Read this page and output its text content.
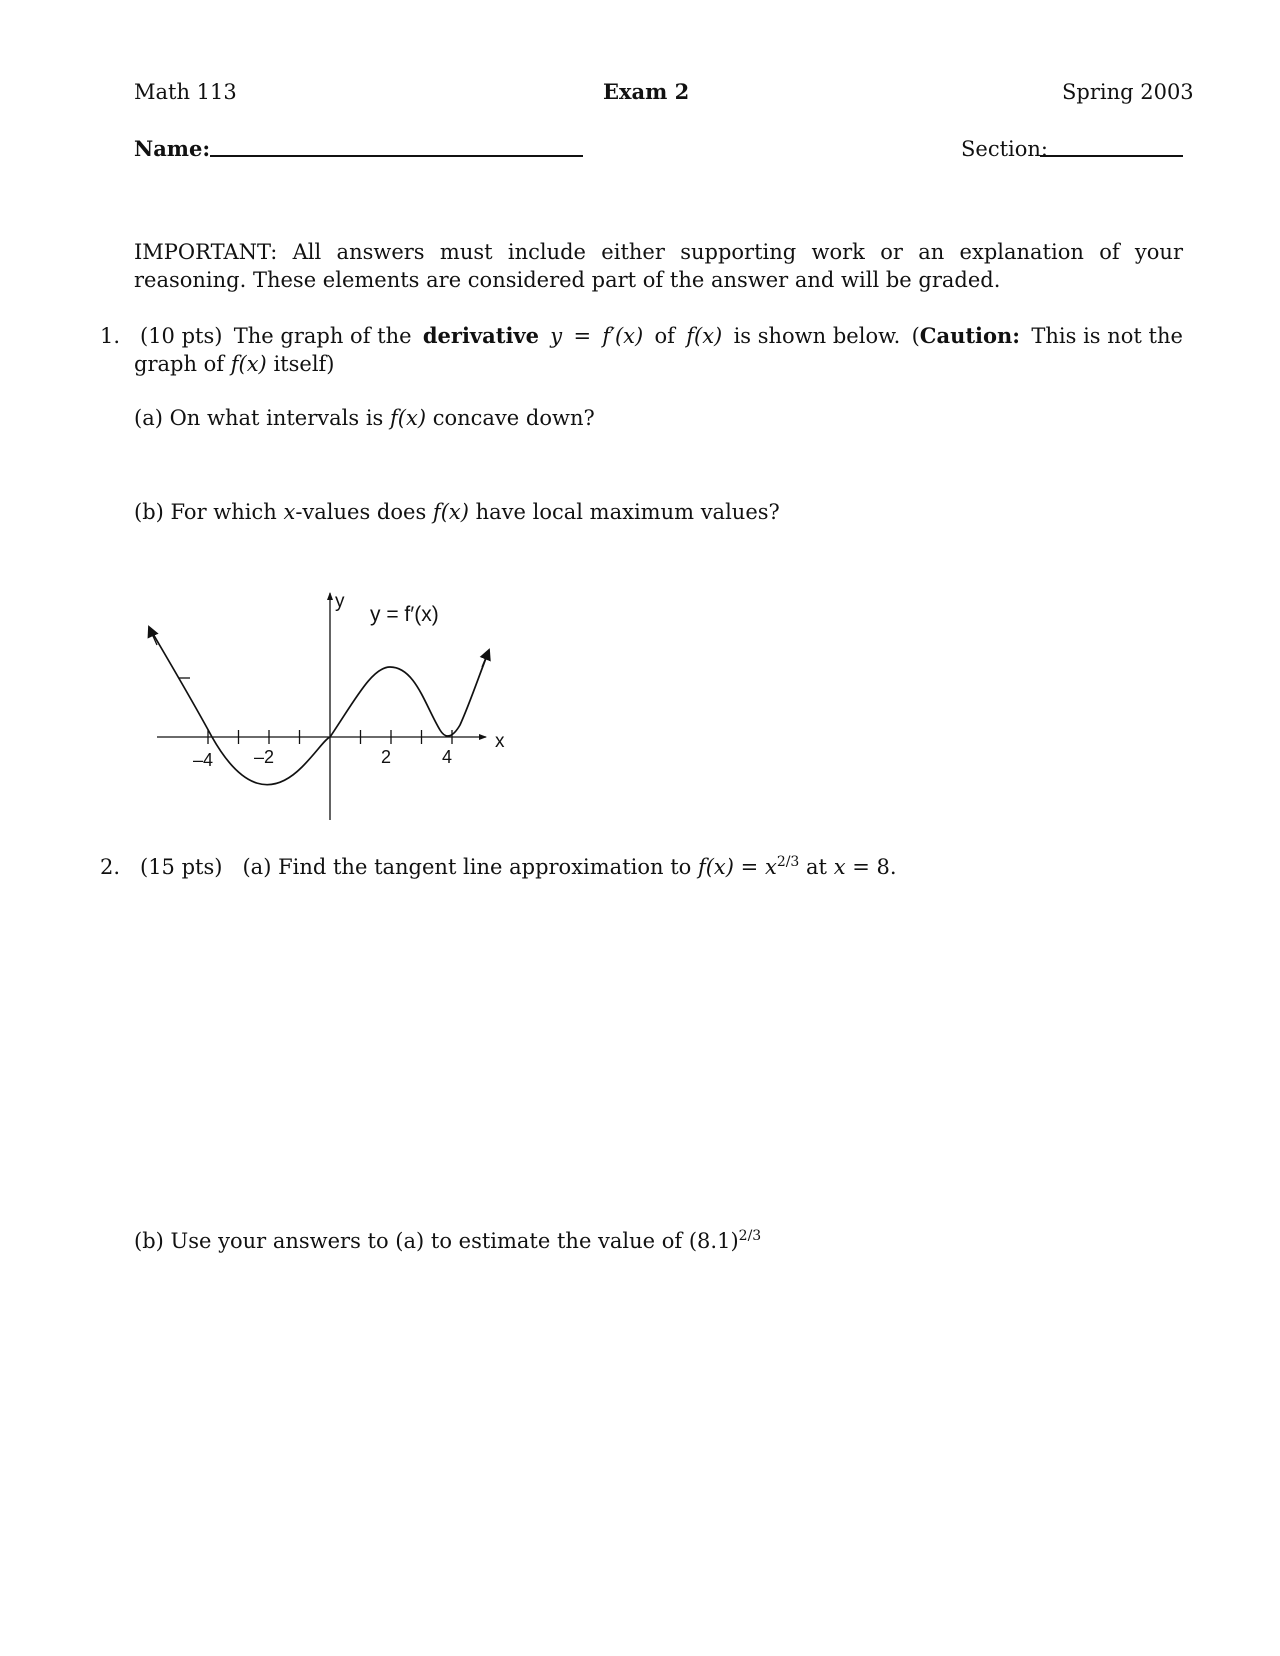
Math 113	Exam 2	Spring 2003
Name:	Section:
IMPORTANT: All answers must include either supporting work or an explanation of your reasoning. These elements are considered part of the answer and will be graded.
1. (10 pts) The graph of the derivative y = f′(x) of f(x) is shown below. (Caution: This is not the
graph of f(x) itself)
(a) On what intervals is f(x) concave down?
(b) For which x-values does f(x) have local maximum values?
y
y = f′(x)
x
–4 –2	2	4
2. (15 pts) (a) Find the tangent line approximation to $f(x) = x^{2/3}$ at x = 8.
(b) Use your answers to (a) to estimate the value of $(8.1)^{2/3}$
